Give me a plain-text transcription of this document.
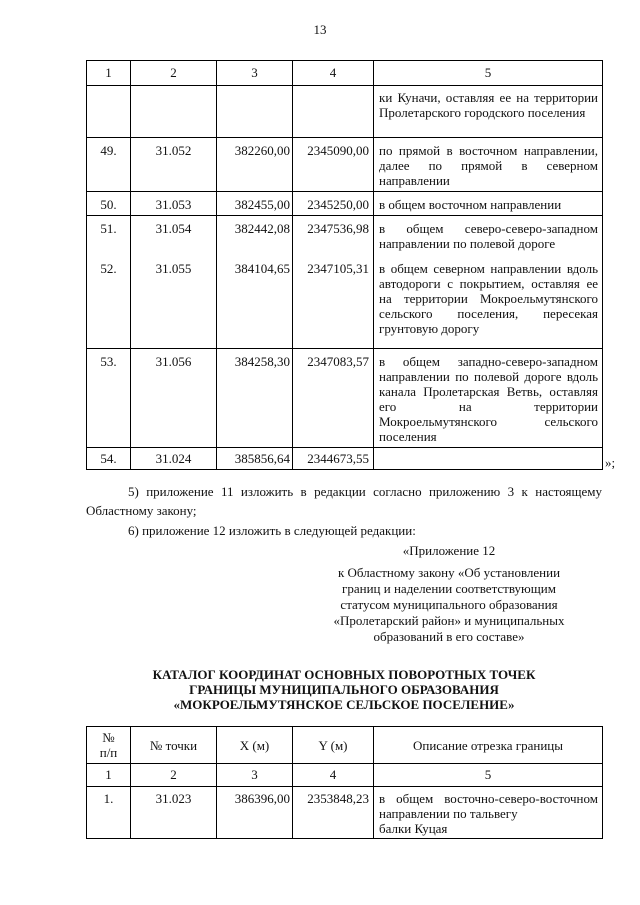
13
1	2	3	4	5
				ки Куначи, оставляя ее на территории Пролетарского городского поселения
49.	31.052	382260,00	2345090,00	по прямой в восточном направлении, далее по прямой в северном направлении
50.	31.053	382455,00	2345250,00	в общем восточном направлении
51.	31.054	382442,08	2347536,98	в общем северо-северо-западном направлении по полевой дороге
52.	31.055	384104,65	2347105,31	в общем северном направлении вдоль автодороги с покрытием, оставляя ее на территории Мокроельмутянского сельского поселения, пересекая грунтовую дорогу
53.	31.056	384258,30	2347083,57	в общем западно-северо-западном направлении по полевой дороге вдоль канала Пролетарская Ветвь, оставляя его на территории Мокроельмутянского сельского поселения
54.	31.024	385856,64	2344673,55		»;
5) приложение 11 изложить в редакции согласно приложению 3 к настоящему Областному закону;
6) приложение 12 изложить в следующей редакции:
«Приложение 12
к Областному закону «Об установлении
границ и наделении соответствующим
статусом муниципального образования
«Пролетарский район» и муниципальных
образований в его составе»
КАТАЛОГ КООРДИНАТ ОСНОВНЫХ ПОВОРОТНЫХ ТОЧЕК
ГРАНИЦЫ МУНИЦИПАЛЬНОГО ОБРАЗОВАНИЯ
«МОКРОЕЛЬМУТЯНСКОЕ СЕЛЬСКОЕ ПОСЕЛЕНИЕ»
№
п/п	№ точки	X (м)	Y (м)	Описание отрезка границы
1	2	3	4	5
1.	31.023	386396,00	2353848,23	в общем восточно-северо-восточном направлении по тальвегу
балки Куцая
